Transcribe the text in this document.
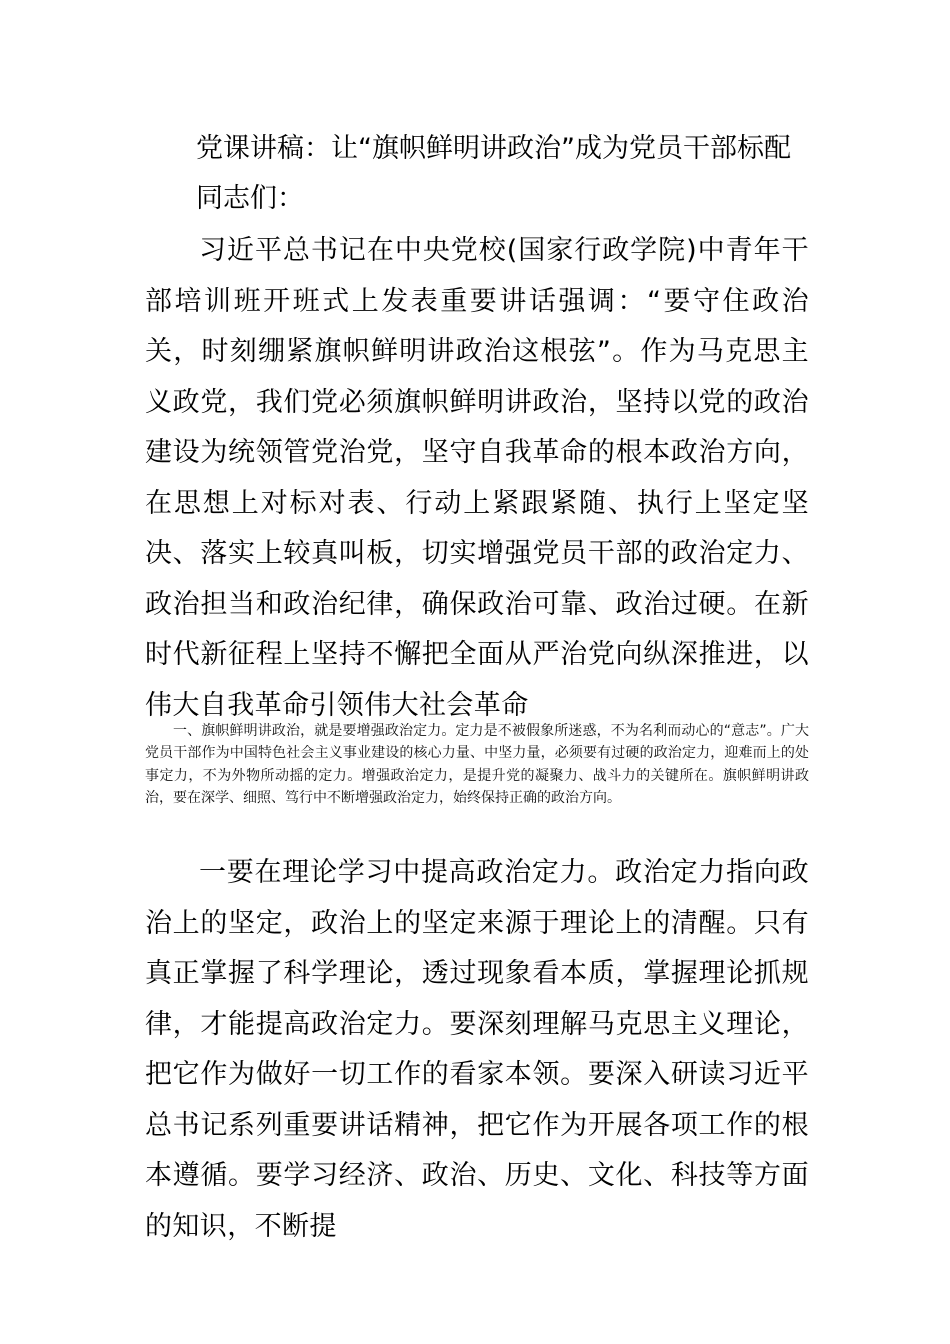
党课讲稿：让“旗帜鲜明讲政治”成为党员干部标配

同志们：

习近平总书记在中央党校(国家行政学院)中青年干部培训班开班式上发表重要讲话强调：“要守住政治关，时刻绷紧旗帜鲜明讲政治这根弦”。作为马克思主义政党，我们党必须旗帜鲜明讲政治，坚持以党的政治建设为统领管党治党，坚守自我革命的根本政治方向，在思想上对标对表、行动上紧跟紧随、执行上坚定坚决、落实上较真叫板，切实增强党员干部的政治定力、政治担当和政治纪律，确保政治可靠、政治过硬。在新时代新征程上坚持不懈把全面从严治党向纵深推进，以伟大自我革命引领伟大社会革命

一、旗帜鲜明讲政治，就是要增强政治定力。定力是不被假象所迷惑，不为名利而动心的“意志”。广大党员干部作为中国特色社会主义事业建设的核心力量、中坚力量，必须要有过硬的政治定力，迎难而上的处事定力，不为外物所动摇的定力。增强政治定力，是提升党的凝聚力、战斗力的关键所在。旗帜鲜明讲政治，要在深学、细照、笃行中不断增强政治定力，始终保持正确的政治方向。

一要在理论学习中提高政治定力。政治定力指向政治上的坚定，政治上的坚定来源于理论上的清醒。只有真正掌握了科学理论，透过现象看本质，掌握理论抓规律，才能提高政治定力。要深刻理解马克思主义理论，把它作为做好一切工作的看家本领。要深入研读习近平总书记系列重要讲话精神，把它作为开展各项工作的根本遵循。要学习经济、政治、历史、文化、科技等方面的知识，不断提
